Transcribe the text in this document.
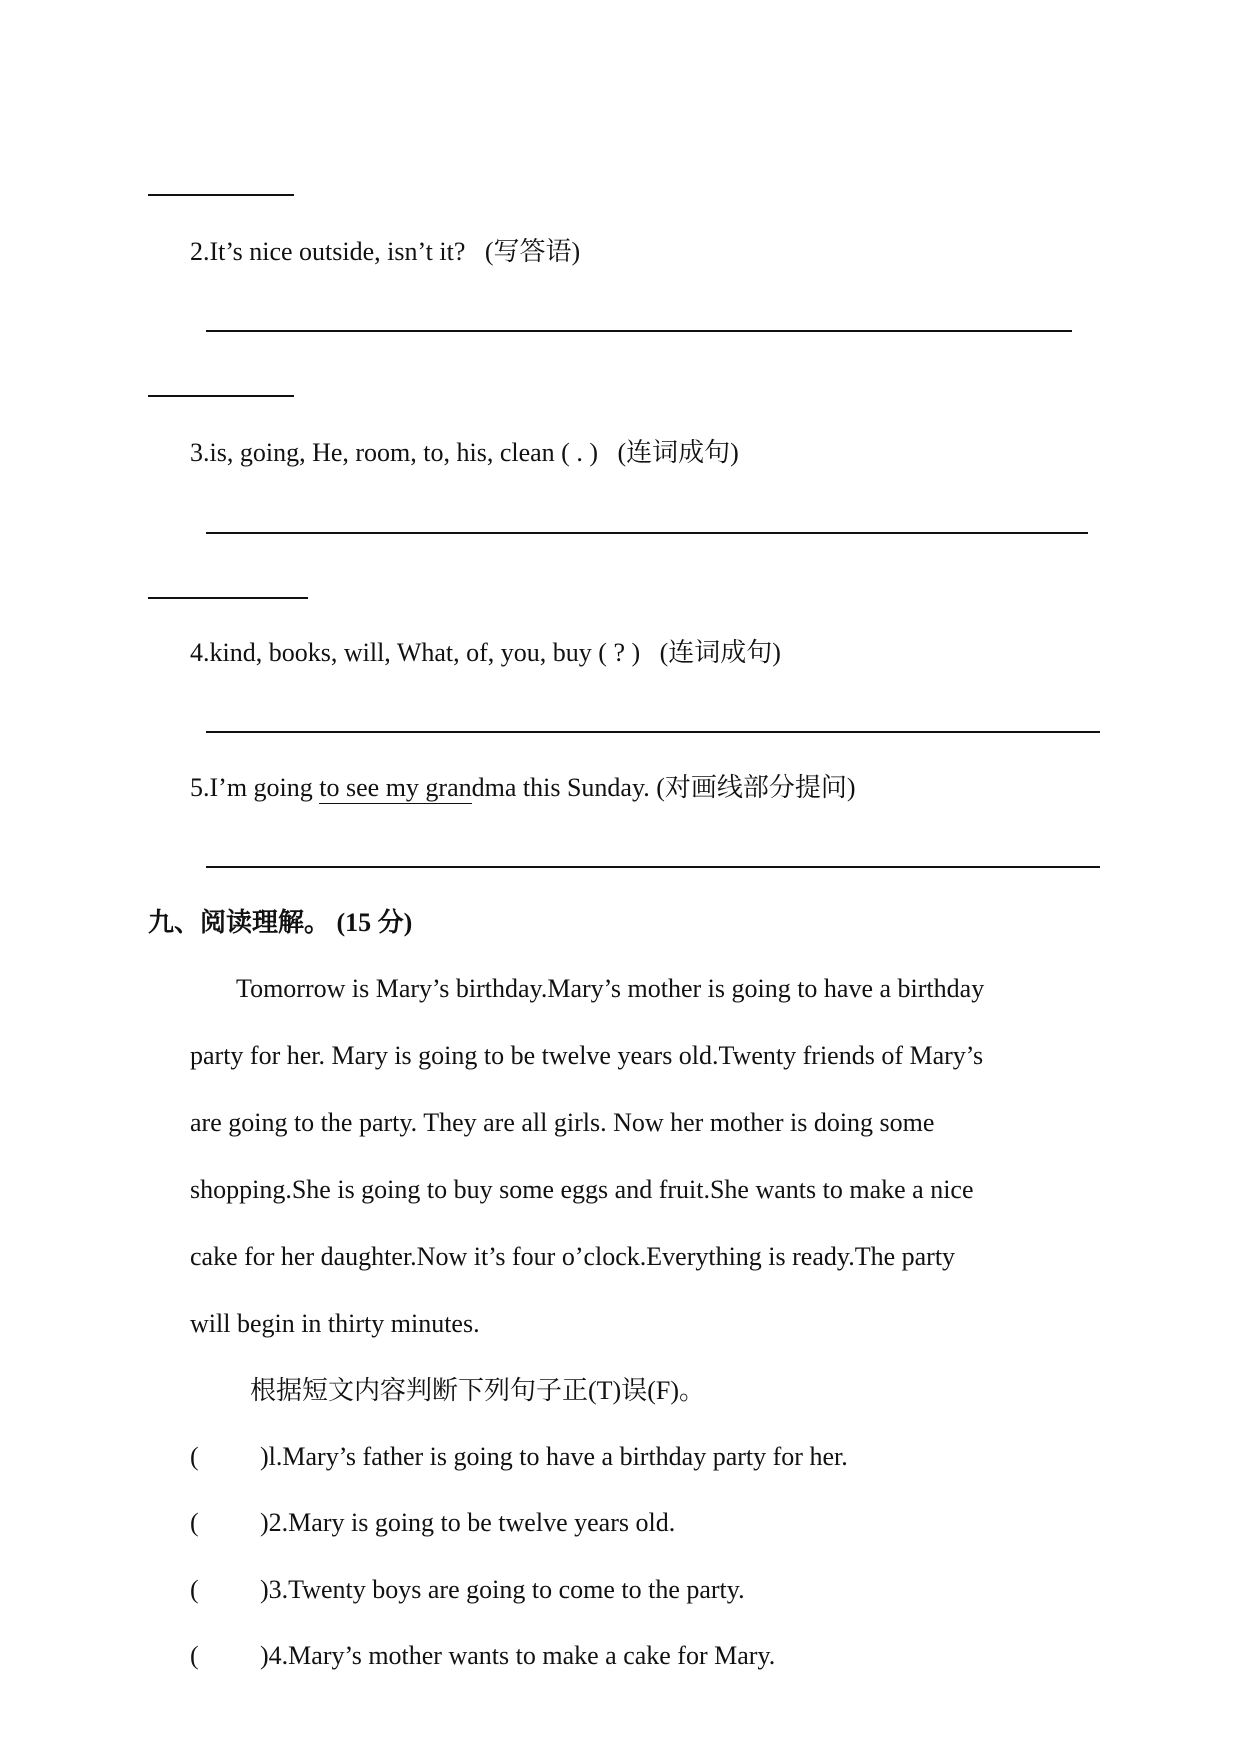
2.It’s nice outside, isn’t it? (写答语)
3.is, going, He, room, to, his, clean ( . ) (连词成句)
4.kind, books, will, What, of, you, buy ( ? ) (连词成句)
5.I’m going to see my grandma this Sunday. (对画线部分提问)
九、阅读理解。 (15 分)
Tomorrow is Mary’s birthday.Mary’s mother is going to have a birthday
party for her. Mary is going to be twelve years old.Twenty friends of Mary’s
are going to the party. They are all girls. Now her mother is doing some
shopping.She is going to buy some eggs and fruit.She wants to make a nice
cake for her daughter.Now it’s four o’clock.Everything is ready.The party
will begin in thirty minutes.
根据短文内容判断下列句子正(T)误(F)。
( )l.Mary’s father is going to have a birthday party for her.
( )2.Mary is going to be twelve years old.
( )3.Twenty boys are going to come to the party.
( )4.Mary’s mother wants to make a cake for Mary.
